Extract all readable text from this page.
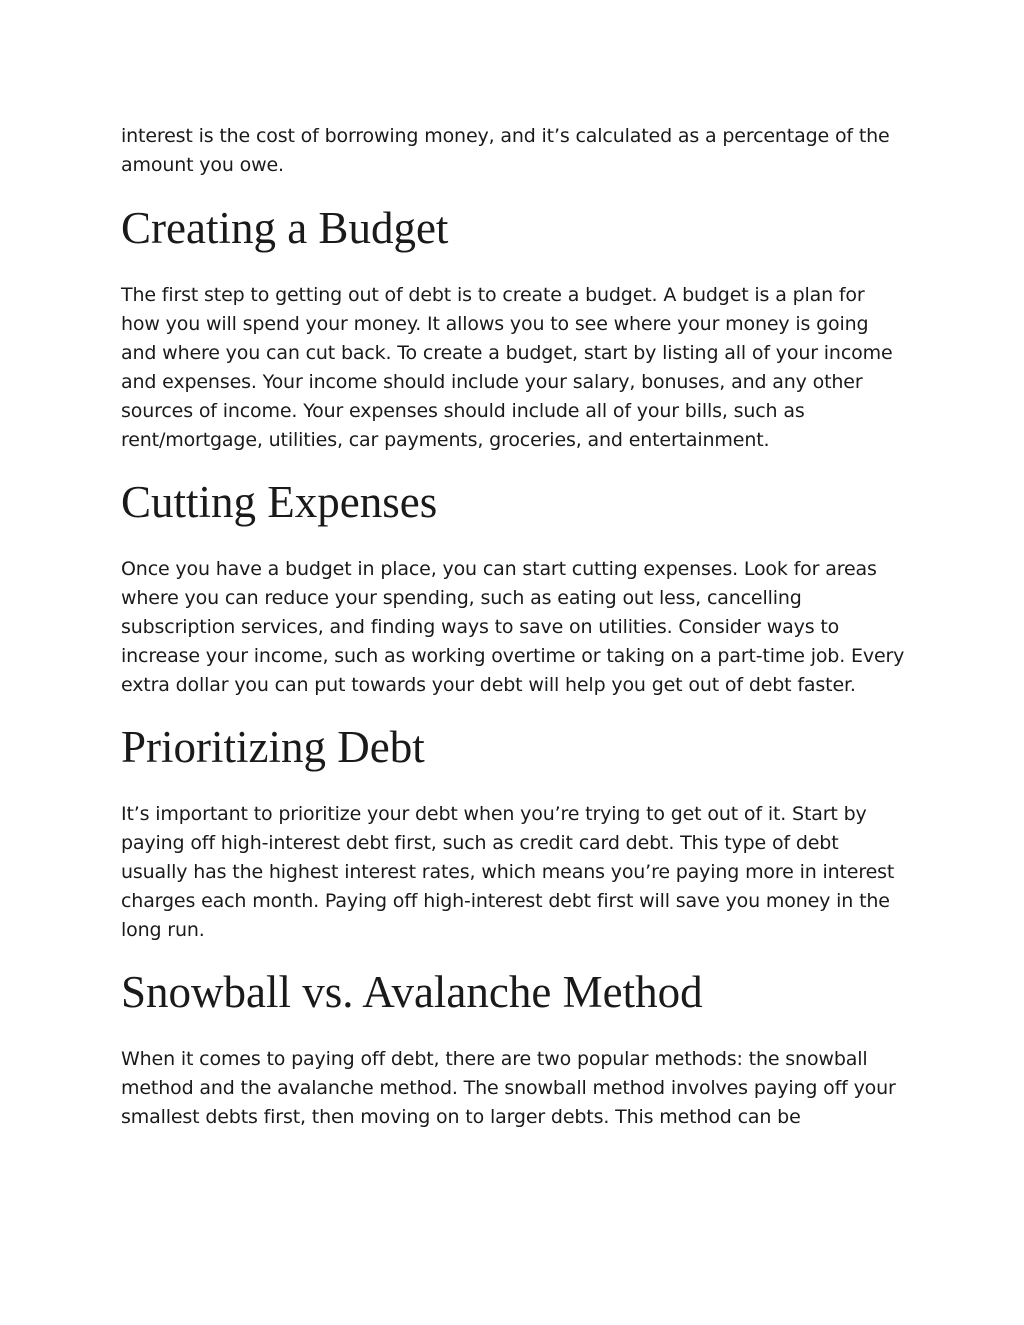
interest is the cost of borrowing money, and it’s calculated as a percentage of the amount you owe.

Creating a Budget

The first step to getting out of debt is to create a budget. A budget is a plan for how you will spend your money. It allows you to see where your money is going and where you can cut back. To create a budget, start by listing all of your income and expenses. Your income should include your salary, bonuses, and any other sources of income. Your expenses should include all of your bills, such as rent/mortgage, utilities, car payments, groceries, and entertainment.

Cutting Expenses

Once you have a budget in place, you can start cutting expenses. Look for areas where you can reduce your spending, such as eating out less, cancelling subscription services, and finding ways to save on utilities. Consider ways to increase your income, such as working overtime or taking on a part-time job. Every extra dollar you can put towards your debt will help you get out of debt faster.

Prioritizing Debt

It’s important to prioritize your debt when you’re trying to get out of it. Start by paying off high-interest debt first, such as credit card debt. This type of debt usually has the highest interest rates, which means you’re paying more in interest charges each month. Paying off high-interest debt first will save you money in the long run.

Snowball vs. Avalanche Method

When it comes to paying off debt, there are two popular methods: the snowball method and the avalanche method. The snowball method involves paying off your smallest debts first, then moving on to larger debts. This method can be
